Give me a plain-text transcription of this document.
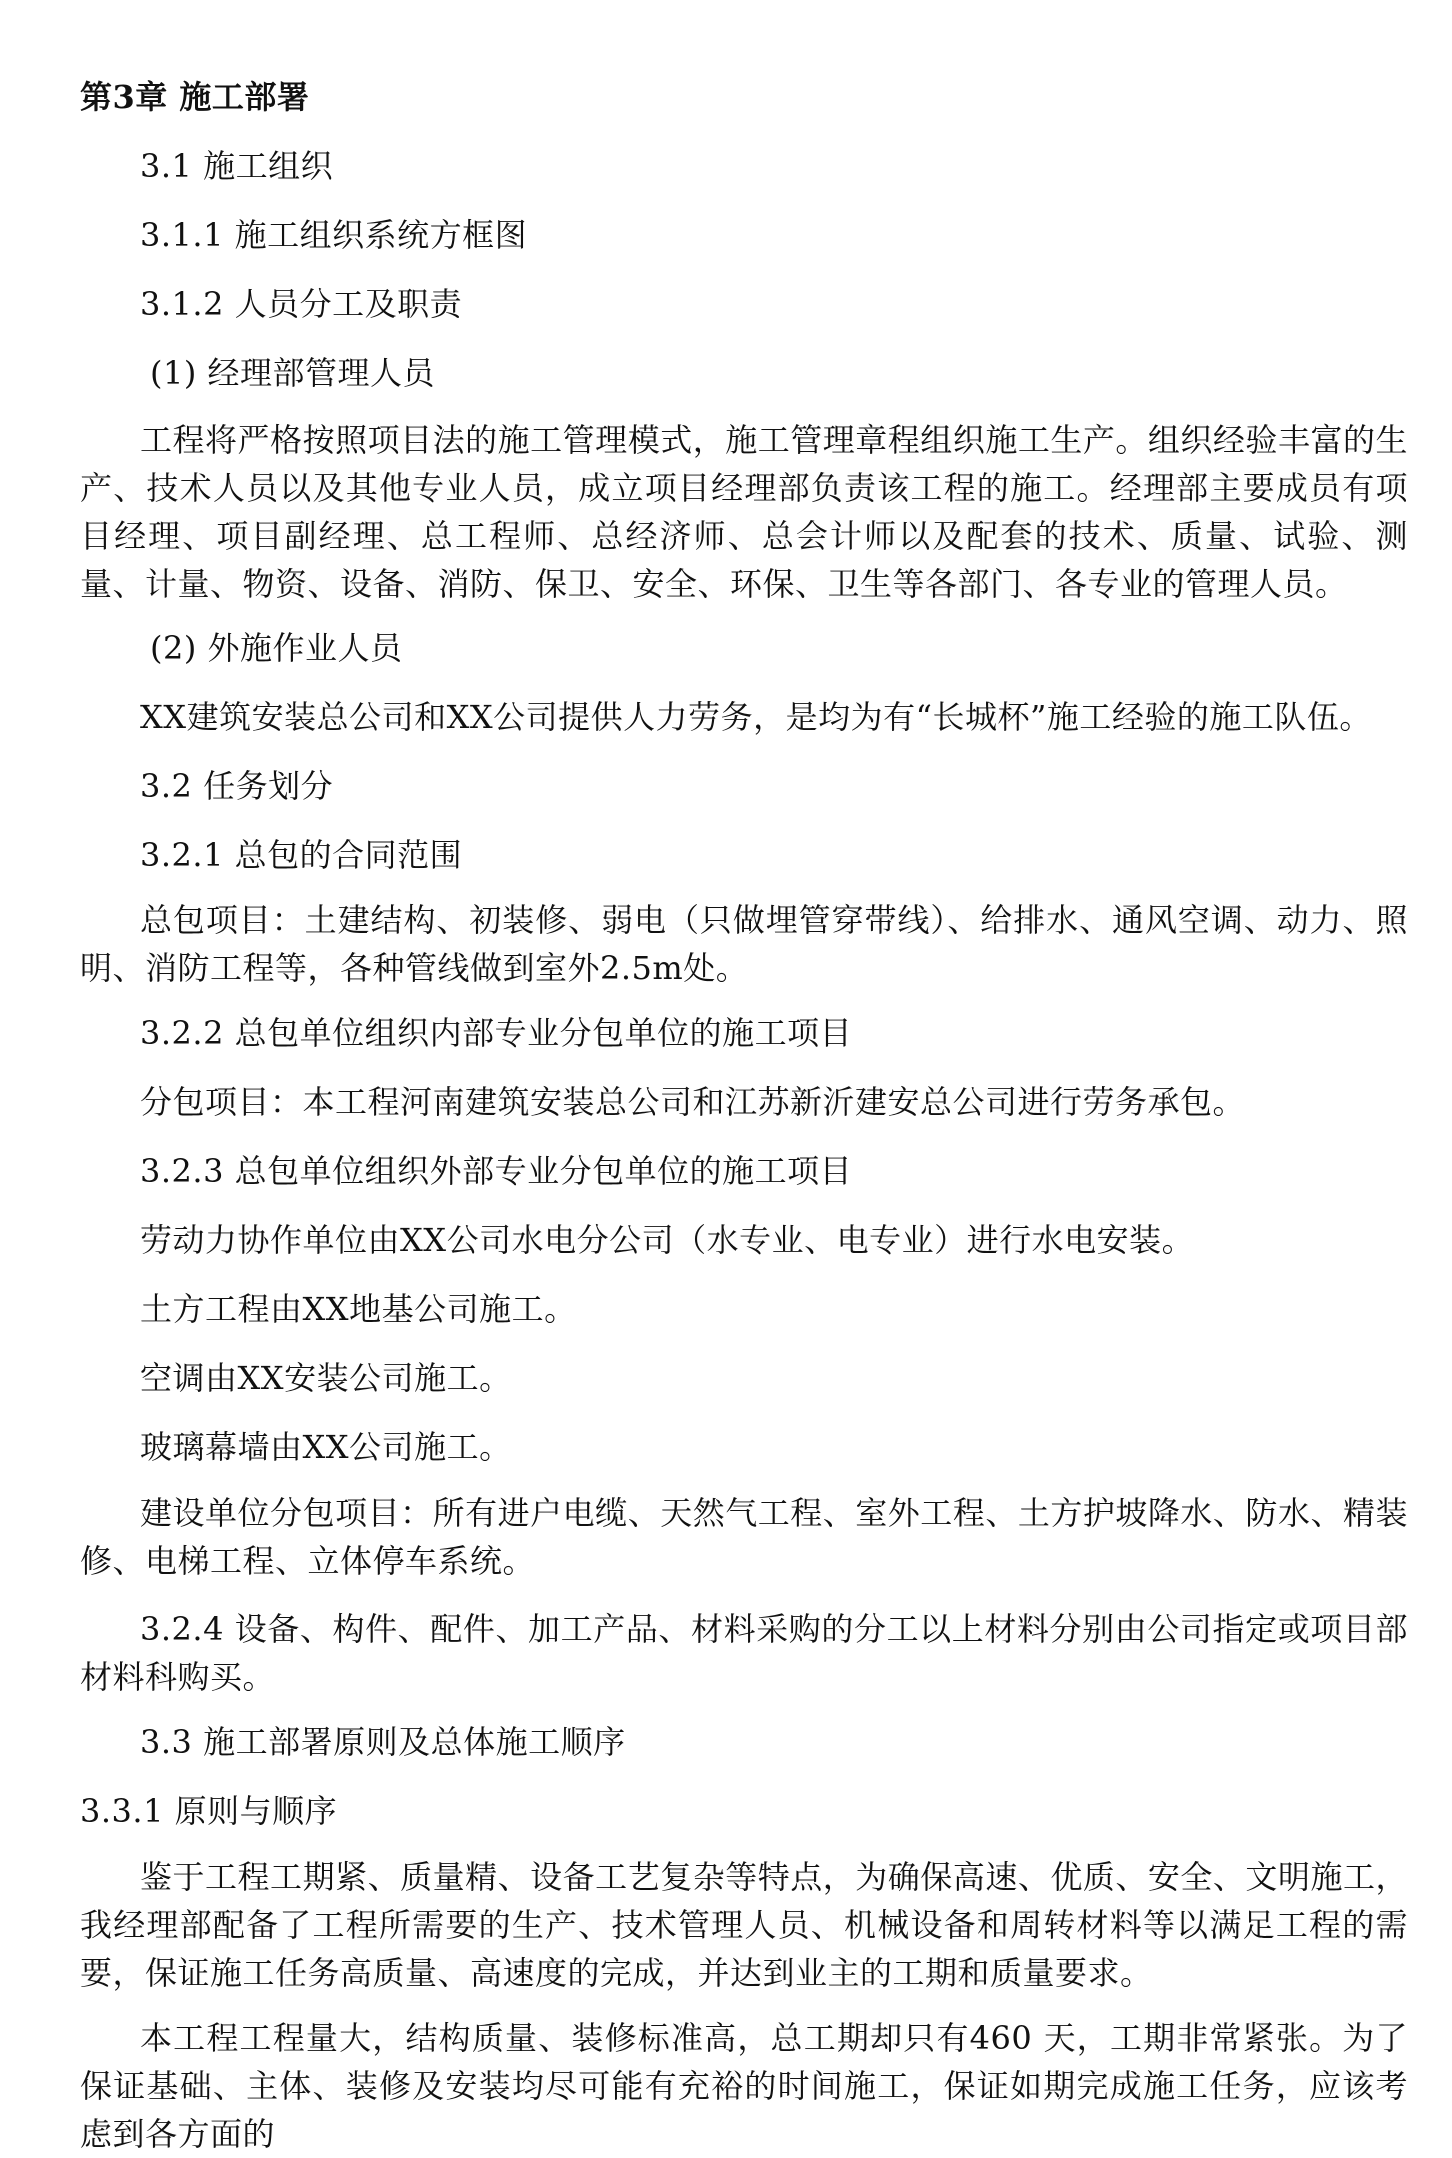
第3章 施工部署
3.1 施工组织
3.1.1 施工组织系统方框图
3.1.2 人员分工及职责
(1) 经理部管理人员
工程将严格按照项目法的施工管理模式，施工管理章程组织施工生产。组织经验丰富的生产、技术人员以及其他专业人员，成立项目经理部负责该工程的施工。经理部主要成员有项目经理、项目副经理、总工程师、总经济师、总会计师以及配套的技术、质量、试验、测量、计量、物资、设备、消防、保卫、安全、环保、卫生等各部门、各专业的管理人员。
(2) 外施作业人员
XX建筑安装总公司和XX公司提供人力劳务，是均为有“长城杯”施工经验的施工队伍。
3.2 任务划分
3.2.1 总包的合同范围
总包项目：土建结构、初装修、弱电（只做埋管穿带线）、给排水、通风空调、动力、照明、消防工程等，各种管线做到室外2.5m处。
3.2.2 总包单位组织内部专业分包单位的施工项目
分包项目：本工程河南建筑安装总公司和江苏新沂建安总公司进行劳务承包。
3.2.3 总包单位组织外部专业分包单位的施工项目
劳动力协作单位由XX公司水电分公司（水专业、电专业）进行水电安装。
土方工程由XX地基公司施工。
空调由XX安装公司施工。
玻璃幕墙由XX公司施工。
建设单位分包项目：所有进户电缆、天然气工程、室外工程、土方护坡降水、防水、精装修、电梯工程、立体停车系统。
3.2.4 设备、构件、配件、加工产品、材料采购的分工以上材料分别由公司指定或项目部材料科购买。
3.3 施工部署原则及总体施工顺序
3.3.1 原则与顺序
鉴于工程工期紧、质量精、设备工艺复杂等特点，为确保高速、优质、安全、文明施工，我经理部配备了工程所需要的生产、技术管理人员、机械设备和周转材料等以满足工程的需要，保证施工任务高质量、高速度的完成，并达到业主的工期和质量要求。
本工程工程量大，结构质量、装修标准高，总工期却只有460 天，工期非常紧张。为了保证基础、主体、装修及安装均尽可能有充裕的时间施工，保证如期完成施工任务，应该考虑到各方面的
